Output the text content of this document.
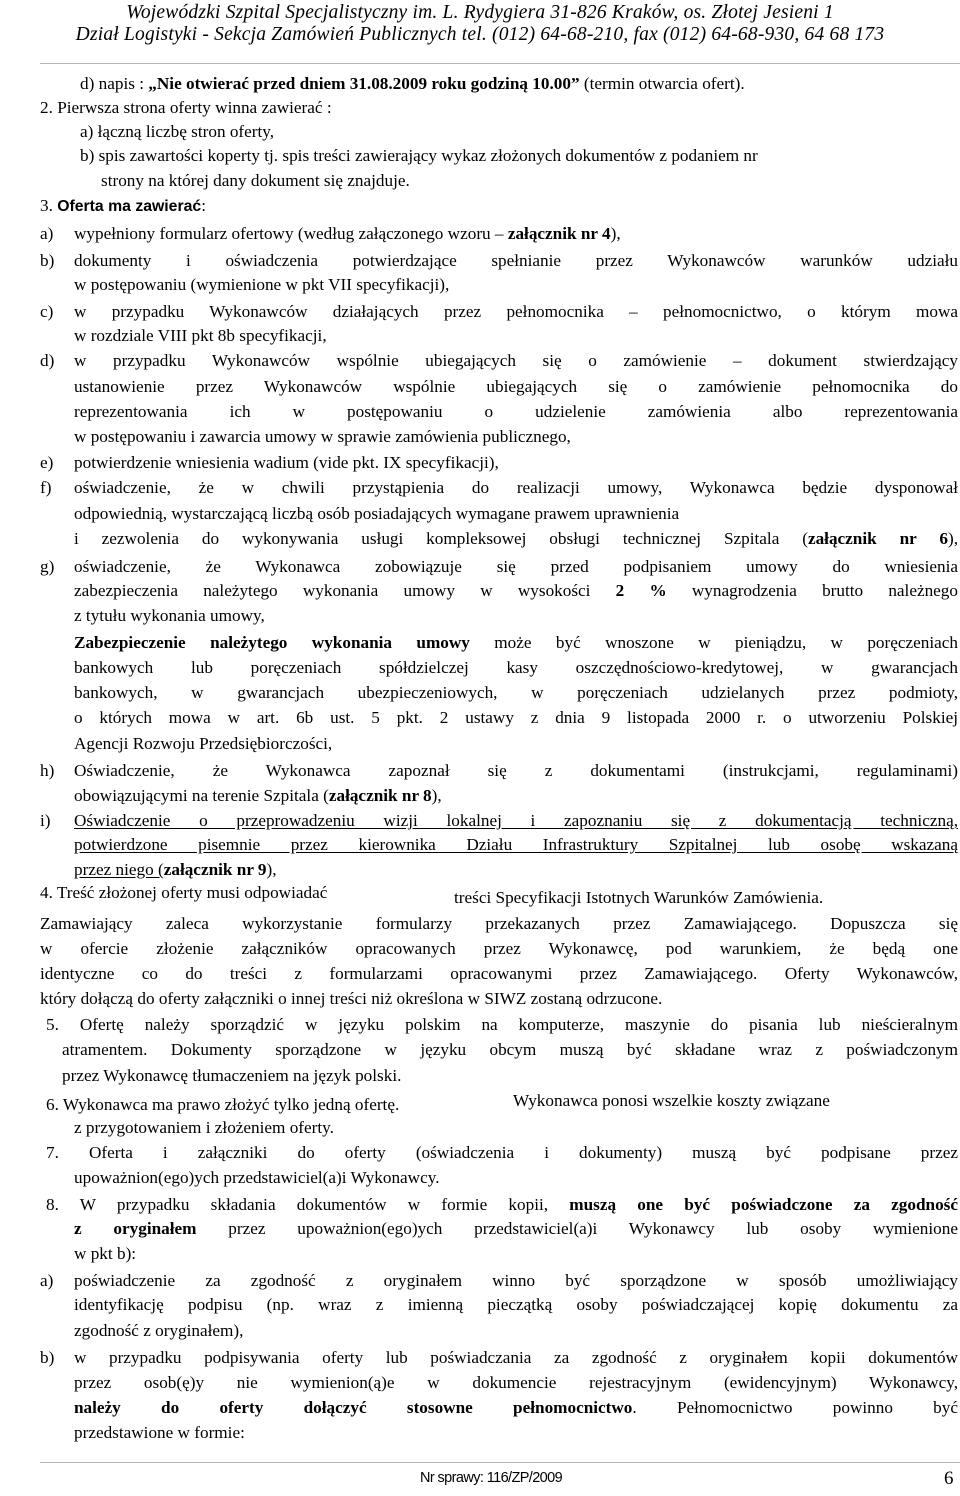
Wojewódzki Szpital Specjalistyczny im. L. Rydygiera 31-826 Kraków, os. Złotej Jesieni 1
Dział Logistyki - Sekcja Zamówień Publicznych tel. (012) 64-68-210, fax (012) 64-68-930, 64 68 173
d) napis : „Nie otwierać przed dniem 31.08.2009 roku godziną 10.00” (termin otwarcia ofert).
2. Pierwsza strona oferty winna zawierać :
a) łączną liczbę stron oferty,
b) spis zawartości koperty tj. spis treści zawierający wykaz złożonych dokumentów z podaniem nr
strony na której dany dokument się znajduje.
3. Oferta ma zawierać:
a) wypełniony formularz ofertowy (według załączonego wzoru – załącznik nr 4),
b) dokumenty i oświadczenia potwierdzające spełnianie przez Wykonawców warunków udziału
w postępowaniu (wymienione w pkt VII specyfikacji),
c) w przypadku Wykonawców działających przez pełnomocnika – pełnomocnictwo, o którym mowa
w rozdziale VIII pkt 8b specyfikacji,
d) w przypadku Wykonawców wspólnie ubiegających się o zamówienie – dokument stwierdzający
ustanowienie przez Wykonawców wspólnie ubiegających się o zamówienie pełnomocnika do
reprezentowania ich w postępowaniu o udzielenie zamówienia albo reprezentowania
w postępowaniu i zawarcia umowy w sprawie zamówienia publicznego,
e) potwierdzenie wniesienia wadium (vide pkt. IX specyfikacji),
f) oświadczenie, że w chwili przystąpienia do realizacji umowy, Wykonawca będzie dysponował
odpowiednią, wystarczającą liczbą osób posiadających wymagane prawem uprawnienia
i zezwolenia do wykonywania usługi kompleksowej obsługi technicznej Szpitala (załącznik nr 6),
g) oświadczenie, że Wykonawca zobowiązuje się przed podpisaniem umowy do wniesienia
zabezpieczenia należytego wykonania umowy w wysokości 2 % wynagrodzenia brutto należnego
z tytułu wykonania umowy,
Zabezpieczenie należytego wykonania umowy może być wnoszone w pieniądzu, w poręczeniach
bankowych lub poręczeniach spółdzielczej kasy oszczędnościowo-kredytowej, w gwarancjach
bankowych, w gwarancjach ubezpieczeniowych, w poręczeniach udzielanych przez podmioty,
o których mowa w art. 6b ust. 5 pkt. 2 ustawy z dnia 9 listopada 2000 r. o utworzeniu Polskiej
Agencji Rozwoju Przedsiębiorczości,
h) Oświadczenie, że Wykonawca zapoznał się z dokumentami (instrukcjami, regulaminami)
obowiązującymi na terenie Szpitala (załącznik nr 8),
i) Oświadczenie o przeprowadzeniu wizji lokalnej i zapoznaniu się z dokumentacją techniczną,
potwierdzone pisemnie przez kierownika Działu Infrastruktury Szpitalnej lub osobę wskazaną
przez niego (załącznik nr 9),
4. Treść złożonej oferty musi odpowiadać	treści Specyfikacji Istotnych Warunków Zamówienia.
Zamawiający zaleca wykorzystanie formularzy przekazanych przez Zamawiającego. Dopuszcza się
w ofercie złożenie załączników opracowanych przez Wykonawcę, pod warunkiem, że będą one
identyczne co do treści z formularzami opracowanymi przez Zamawiającego. Oferty Wykonawców,
który dołączą do oferty załączniki o innej treści niż określona w SIWZ zostaną odrzucone.
5. Ofertę należy sporządzić w języku polskim na komputerze, maszynie do pisania lub nieścieralnym
atramentem. Dokumenty sporządzone w języku obcym muszą być składane wraz z poświadczonym
przez Wykonawcę tłumaczeniem na język polski.
6. Wykonawca ma prawo złożyć tylko jedną ofertę.	Wykonawca ponosi wszelkie koszty związane
z przygotowaniem i złożeniem oferty.
7. Oferta i załączniki do oferty (oświadczenia i dokumenty) muszą być podpisane przez
upoważnion(ego)ych przedstawiciel(a)i Wykonawcy.
8. W przypadku składania dokumentów w formie kopii, muszą one być poświadczone za zgodność
z oryginałem przez upoważnion(ego)ych przedstawiciel(a)i Wykonawcy lub osoby wymienione
w pkt b):
a) poświadczenie za zgodność z oryginałem winno być sporządzone w sposób umożliwiający
identyfikację podpisu (np. wraz z imienną pieczątką osoby poświadczającej kopię dokumentu za
zgodność z oryginałem),
b) w przypadku podpisywania oferty lub poświadczania za zgodność z oryginałem kopii dokumentów
przez osob(ę)y nie wymienion(ą)e w dokumencie rejestracyjnym (ewidencyjnym) Wykonawcy,
należy do oferty dołączyć stosowne pełnomocnictwo. Pełnomocnictwo powinno być
przedstawione w formie:
Nr sprawy: 116/ZP/2009	6
